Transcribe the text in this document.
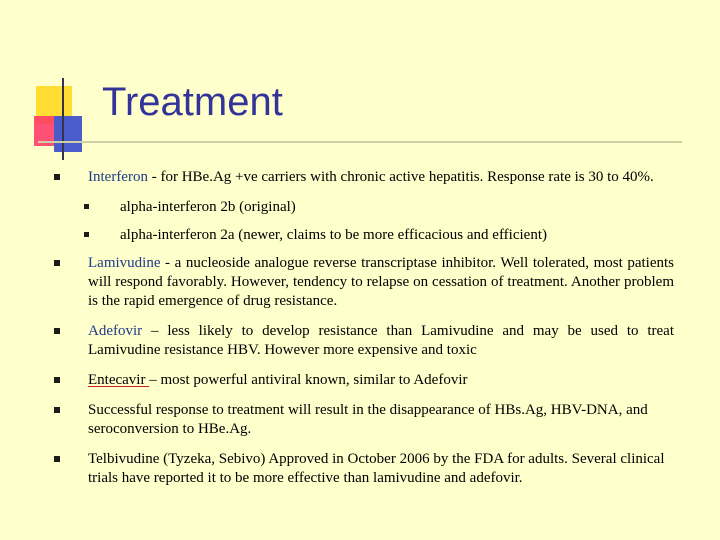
Treatment
Interferon - for HBe.Ag +ve carriers with chronic active hepatitis. Response rate is 30 to 40%.
alpha-interferon 2b (original)
alpha-interferon 2a (newer, claims to be more efficacious and efficient)
Lamivudine - a nucleoside analogue reverse transcriptase inhibitor. Well tolerated, most patients will respond favorably. However, tendency to relapse on cessation of treatment. Another problem is the rapid emergence of drug resistance.
Adefovir – less likely to develop resistance than Lamivudine and may be used to treat Lamivudine resistance HBV. However more expensive and toxic
Entecavir – most powerful antiviral known, similar to Adefovir
Successful response to treatment will result in the disappearance of HBs.Ag, HBV-DNA, and seroconversion to HBe.Ag.
Telbivudine (Tyzeka, Sebivo) Approved in October 2006 by the FDA for adults. Several clinical trials have reported it to be more effective than lamivudine and adefovir.
